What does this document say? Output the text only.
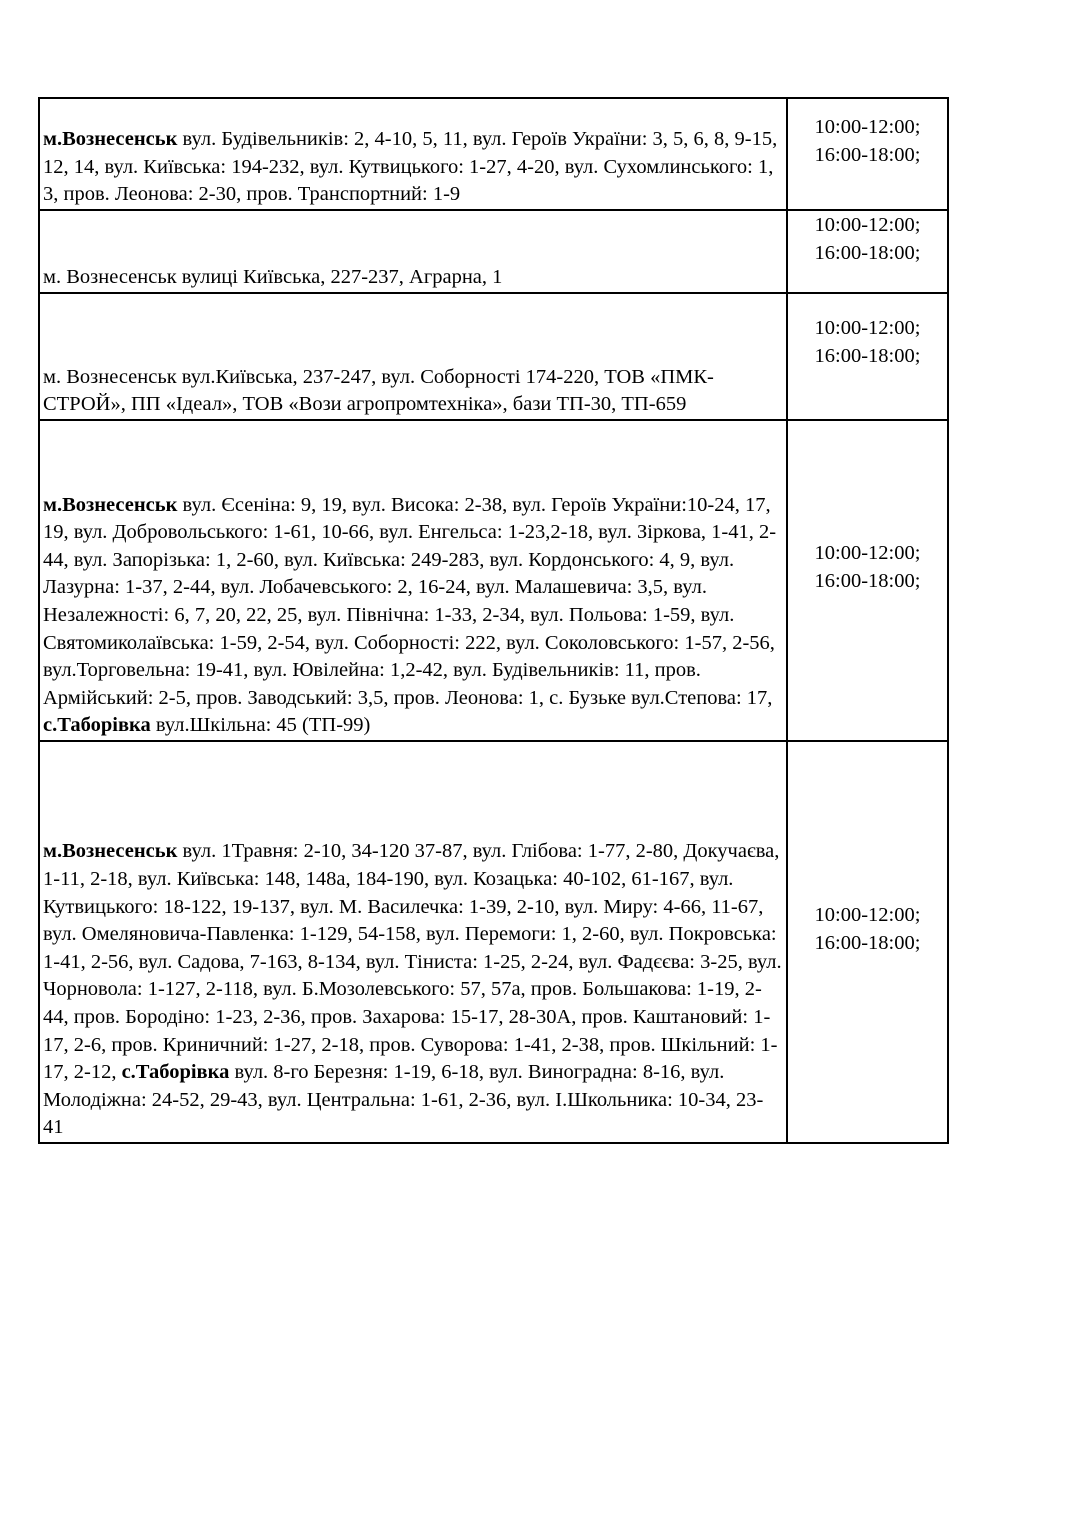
м.Вознесенськ вул. Будівельників: 2, 4-10, 5, 11, вул. Героїв України: 3, 5, 6, 8, 9-15, 12, 14, вул. Київська: 194-232, вул. Кутвицького: 1-27, 4-20, вул. Сухомлинського: 1, 3, пров. Леонова: 2-30, пров. Транспортний: 1-9	10:00-12:00;
16:00-18:00;

м. Вознесенськ вулиці Київська, 227-237, Аграрна, 1	10:00-12:00;
16:00-18:00;

м. Вознесенськ вул.Київська, 237-247, вул. Соборності 174-220, ТОВ «ПМК-СТРОЙ», ПП «Ідеал», ТОВ «Вози агропромтехніка», бази ТП-30, ТП-659	10:00-12:00;
16:00-18:00;

м.Вознесенськ вул. Єсеніна: 9, 19, вул. Висока: 2-38, вул. Героїв України:10-24, 17, 19, вул. Добровольського: 1-61, 10-66, вул. Енгельса: 1-23,2-18, вул. Зіркова, 1-41, 2-44, вул. Запорізька: 1, 2-60, вул. Київська: 249-283, вул. Кордонського: 4, 9, вул. Лазурна: 1-37, 2-44, вул. Лобачевського: 2, 16-24, вул. Малашевича: 3,5, вул. Незалежності: 6, 7, 20, 22, 25, вул. Північна: 1-33, 2-34, вул. Польова: 1-59, вул. Святомиколаївська: 1-59, 2-54, вул. Соборності: 222, вул. Соколовського: 1-57, 2-56, вул.Торговельна: 19-41, вул. Ювілейна: 1,2-42, вул. Будівельників: 11, пров. Армійський: 2-5, пров. Заводський: 3,5, пров. Леонова: 1, с. Бузьке вул.Степова: 17, с.Таборівка вул.Шкільна: 45 (ТП-99)	10:00-12:00;
16:00-18:00;

м.Вознесенськ вул. 1Травня: 2-10, 34-120 37-87, вул. Глібова: 1-77, 2-80, Докучаєва, 1-11, 2-18, вул. Київська: 148, 148а, 184-190, вул. Козацька: 40-102, 61-167, вул. Кутвицького: 18-122, 19-137, вул. М. Василечка: 1-39, 2-10, вул. Миру: 4-66, 11-67, вул. Омеляновича-Павленка: 1-129, 54-158, вул. Перемоги: 1, 2-60, вул. Покровська: 1-41, 2-56, вул. Садова, 7-163, 8-134, вул. Тіниста: 1-25, 2-24, вул. Фадєєва: 3-25, вул. Чорновола: 1-127, 2-118, вул. Б.Мозолевського: 57, 57а, пров. Большакова: 1-19, 2-44, пров. Бородіно: 1-23, 2-36, пров. Захарова: 15-17, 28-30А, пров. Каштановий: 1-17, 2-6, пров. Криничний: 1-27, 2-18, пров. Суворова: 1-41, 2-38, пров. Шкільний: 1-17, 2-12, с.Таборівка вул. 8-го Березня: 1-19, 6-18, вул. Виноградна: 8-16, вул. Молодіжна: 24-52, 29-43, вул. Центральна: 1-61, 2-36, вул. І.Школьника: 10-34, 23-41	10:00-12:00;
16:00-18:00;
